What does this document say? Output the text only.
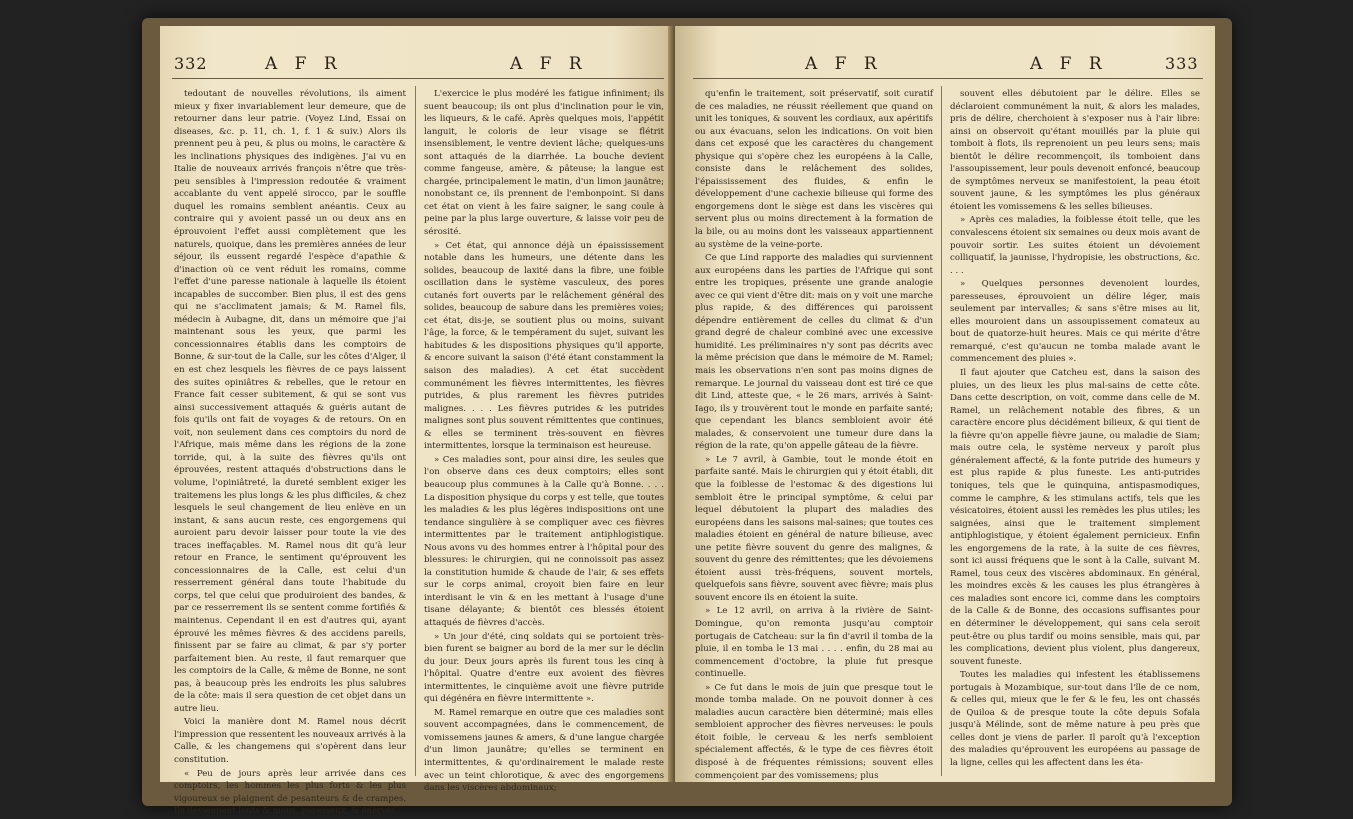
332	A F R	A F R

tedoutant de nouvelles révolutions, ils aiment mieux y fixer invariablement leur demeure, que de retourner dans leur patrie. (Voyez Lind, Essai on diseases, &c. p. 11, ch. 1, f. 1 & suiv.) Alors ils prennent peu à peu, & plus ou moins, le caractère & les inclinations physiques des indigènes. J'ai vu en Italie de nouveaux arrivés françois n'être que très-peu sensibles à l'impression redoutée & vraiment accablante du vent appelé sirocco, par le souffle duquel les romains semblent anéantis. Ceux au contraire qui y avoient passé un ou deux ans en éprouvoient l'effet aussi complètement que les naturels, quoique, dans les premières années de leur séjour, ils eussent regardé l'espèce d'apathie & d'inaction où ce vent réduit les romains, comme l'effet d'une paresse nationale à laquelle ils étoient incapables de succomber. Bien plus, il est des gens qui ne s'acclimatent jamais; & M. Ramel fils, médecin à Aubagne, dit, dans un mémoire que j'ai maintenant sous les yeux, que parmi les concessionnaires établis dans les comptoirs de Bonne, & sur-tout de la Calle, sur les côtes d'Alger, il en est chez lesquels les fièvres de ce pays laissent des suites opiniâtres & rebelles, que le retour en France fait cesser subitement, & qui se sont vus ainsi successivement attaqués & guéris autant de fois qu'ils ont fait de voyages & de retours. On en voit, non seulement dans ces comptoirs du nord de l'Afrique, mais même dans les régions de la zone torride, qui, à la suite des fièvres qu'ils ont éprouvées, restent attaqués d'obstructions dans le volume, l'opiniâtreté, la dureté semblent exiger les traitemens les plus longs & les plus difficiles, & chez lesquels le seul changement de lieu enlève en un instant, & sans aucun reste, ces engorgemens qui auroient paru devoir laisser pour toute la vie des traces ineffaçables. M. Ramel nous dit qu'à leur retour en France, le sentiment qu'éprouvent les concessionnaires de la Calle, est celui d'un resserrement général dans toute l'habitude du corps, tel que celui que produiroient des bandes, & par ce resserrement ils se sentent comme fortifiés & maintenus. Cependant il en est d'autres qui, ayant éprouvé les mêmes fièvres & des accidens pareils, finissent par se faire au climat, & par s'y porter parfaitement bien. Au reste, il faut remarquer que les comptoirs de la Calle, & même de Bonne, ne sont pas, à beaucoup près les endroits les plus salubres de la côte: mais il sera question de cet objet dans un autre lieu.

Voici la manière dont M. Ramel nous décrit l'impression que ressentent les nouveaux arrivés à la Calle, & les changemens qui s'opèrent dans leur constitution.

« Peu de jours après leur arrivée dans ces comptoirs, les hommes les plus forts & les plus vigoureux se plaignent de pesanteurs & de crampes. Ils deviennent lents & mous, paresseux, & énervés.

L'exercice le plus modéré les fatigue infiniment; ils suent beaucoup; ils ont plus d'inclination pour le vin, les liqueurs, & le café. Après quelques mois, l'appétit languit, le coloris de leur visage se flétrit insensiblement, le ventre devient lâche; quelques-uns sont attaqués de la diarrhée. La bouche devient comme fangeuse, amère, & pâteuse; la langue est chargée, principalement le matin, d'un limon jaunâtre; nonobstant ce, ils prennent de l'embonpoint. Si dans cet état on vient à les faire saigner, le sang coule à peine par la plus large ouverture, & laisse voir peu de sérosité.

» Cet état, qui annonce déjà un épaississement notable dans les humeurs, une détente dans les solides, beaucoup de laxité dans la fibre, une foible oscillation dans le système vasculeux, des pores cutanés fort ouverts par le relâchement général des solides, beaucoup de sabure dans les premières voies; cet état, dis-je, se soutient plus ou moins, suivant l'âge, la force, & le tempérament du sujet, suivant les habitudes & les dispositions physiques qu'il apporte, & encore suivant la saison (l'été étant constamment la saison des maladies). A cet état succèdent communément les fièvres intermittentes, les fièvres putrides, & plus rarement les fièvres putrides malignes. . . . Les fièvres putrides & les putrides malignes sont plus souvent rémittentes que continues, & elles se terminent très-souvent en fièvres intermittentes, lorsque la terminaison est heureuse.

» Ces maladies sont, pour ainsi dire, les seules que l'on observe dans ces deux comptoirs; elles sont beaucoup plus communes à la Calle qu'à Bonne. . . . La disposition physique du corps y est telle, que toutes les maladies & les plus légères indispositions ont une tendance singulière à se compliquer avec ces fièvres intermittentes par le traitement antiphlogistique. Nous avons vu des hommes entrer à l'hôpital pour des blessures: le chirurgien, qui ne connoissoit pas assez la constitution humide & chaude de l'air, & ses effets sur le corps animal, croyoit bien faire en leur interdisant le vin & en les mettant à l'usage d'une tisane délayante; & bientôt ces blessés étoient attaqués de fièvres d'accès.

» Un jour d'été, cinq soldats qui se portoient très-bien furent se baigner au bord de la mer sur le déclin du jour. Deux jours après ils furent tous les cinq à l'hôpital. Quatre d'entre eux avoient des fièvres intermittentes, le cinquième avoit une fièvre putride qui dégénéra en fièvre intermittente ».

M. Ramel remarque en outre que ces maladies sont souvent accompagnées, dans le commencement, de vomissemens jaunes & amers, & d'une langue chargée d'un limon jaunâtre; qu'elles se terminent en intermittentes, & qu'ordinairement le malade reste avec un teint chlorotique, & avec des engorgemens dans les viscères abdominaux;

A F R	A F R	333

qu'enfin le traitement, soit préservatif, soit curatif de ces maladies, ne réussit réellement que quand on unit les toniques, & souvent les cordiaux, aux apéritifs ou aux évacuans, selon les indications. On voit bien dans cet exposé que les caractères du changement physique qui s'opère chez les européens à la Calle, consiste dans le relâchement des solides, l'épaississement des fluides, & enfin le développement d'une cachexie bilieuse qui forme des engorgemens dont le siège est dans les viscères qui servent plus ou moins directement à la formation de la bile, ou au moins dont les vaisseaux appartiennent au système de la veine-porte.

Ce que Lind rapporte des maladies qui surviennent aux européens dans les parties de l'Afrique qui sont entre les tropiques, présente une grande analogie avec ce qui vient d'être dit: mais on y voit une marche plus rapide, & des différences qui paroissent dépendre entièrement de celles du climat & d'un grand degré de chaleur combiné avec une excessive humidité. Les préliminaires n'y sont pas décrits avec la même précision que dans le mémoire de M. Ramel; mais les observations n'en sont pas moins dignes de remarque. Le journal du vaisseau dont est tiré ce que dit Lind, atteste que, « le 26 mars, arrivés à Saint-Iago, ils y trouvèrent tout le monde en parfaite santé; que cependant les blancs sembloient avoir été malades, & conservoient une tumeur dure dans la région de la rate, qu'on appelle gâteau de la fièvre.

» Le 7 avril, à Gambie, tout le monde étoit en parfaite santé. Mais le chirurgien qui y étoit établi, dit que la foiblesse de l'estomac & des digestions lui sembloit être le principal symptôme, & celui par lequel débutoient la plupart des maladies des européens dans les saisons mal-saines; que toutes ces maladies étoient en général de nature bilieuse, avec une petite fièvre souvent du genre des malignes, & souvent du genre des rémittentes; que les dévoiemens étoient aussi très-fréquens, souvent mortels, quelquefois sans fièvre, souvent avec fièvre; mais plus souvent encore ils en étoient la suite.

» Le 12 avril, on arriva à la rivière de Saint-Domingue, qu'on remonta jusqu'au comptoir portugais de Catcheau: sur la fin d'avril il tomba de la pluie, il en tomba le 13 mai . . . . enfin, du 28 mai au commencement d'octobre, la pluie fut presque continuelle.

» Ce fut dans le mois de juin que presque tout le monde tomba malade. On ne pouvoit donner à ces maladies aucun caractère bien déterminé; mais elles sembloient approcher des fièvres nerveuses: le pouls étoit foible, le cerveau & les nerfs sembloient spécialement affectés, & le type de ces fièvres étoit disposé à de fréquentes rémissions; souvent elles commençoient par des vomissemens; plus

souvent elles débutoient par le délire. Elles se déclaroient communément la nuit, & alors les malades, pris de délire, cherchoient à s'exposer nus à l'air libre: ainsi on observoit qu'étant mouillés par la pluie qui tomboit à flots, ils reprenoient un peu leurs sens; mais bientôt le délire recommençoit, ils tomboient dans l'assoupissement, leur pouls devenoit enfoncé, beaucoup de symptômes nerveux se manifestoient, la peau étoit souvent jaune, & les symptômes les plus généraux étoient les vomissemens & les selles bilieuses.

» Après ces maladies, la foiblesse étoit telle, que les convalescens étoient six semaines ou deux mois avant de pouvoir sortir. Les suites étoient un dévoiement colliquatif, la jaunisse, l'hydropisie, les obstructions, &c. . . .

» Quelques personnes devenoient lourdes, paresseuses, éprouvoient un délire léger, mais seulement par intervalles; & sans s'être mises au lit, elles mouroient dans un assoupissement comateux au bout de quatorze-huit heures. Mais ce qui mérite d'être remarqué, c'est qu'aucun ne tomba malade avant le commencement des pluies ».

Il faut ajouter que Catcheu est, dans la saison des pluies, un des lieux les plus mal-sains de cette côte. Dans cette description, on voit, comme dans celle de M. Ramel, un relâchement notable des fibres, & un caractère encore plus décidément bilieux, & qui tient de la fièvre qu'on appelle fièvre jaune, ou maladie de Siam; mais outre cela, le système nerveux y paroît plus généralement affecté, & la fonte putride des humeurs y est plus rapide & plus funeste. Les anti-putrides toniques, tels que le quinquina, antispasmodiques, comme le camphre, & les stimulans actifs, tels que les vésicatoires, étoient aussi les remèdes les plus utiles; les saignées, ainsi que le traitement simplement antiphlogistique, y étoient également pernicieux. Enfin les engorgemens de la rate, à la suite de ces fièvres, sont ici aussi fréquens que le sont à la Calle, suivant M. Ramel, tous ceux des viscères abdominaux. En général, les moindres excès & les causes les plus étrangères à ces maladies sont encore ici, comme dans les comptoirs de la Calle & de Bonne, des occasions suffisantes pour en déterminer le développement, qui sans cela seroit peut-être ou plus tardif ou moins sensible, mais qui, par les complications, devient plus violent, plus dangereux, souvent funeste.

Toutes les maladies qui infestent les établissemens portugais à Mozambique, sur-tout dans l'île de ce nom, & celles qui, mieux que le fer & le feu, les ont chassés de Quiloa & de presque toute la côte depuis Sofala jusqu'à Mélinde, sont de même nature à peu près que celles dont je viens de parler. Il paroît qu'à l'exception des maladies qu'éprouvent les européens au passage de la ligne, celles qui les affectent dans les éta-
